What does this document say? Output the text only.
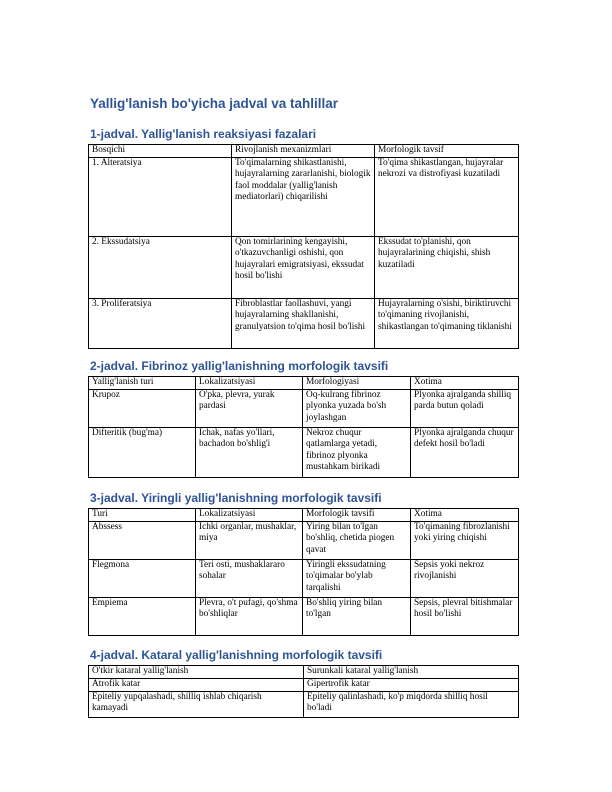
Yallig'lanish bo'yicha jadval va tahlillar

1-jadval. Yallig'lanish reaksiyasi fazalari

Bosqichi	Rivojlanish mexanizmlari	Morfologik tavsif
1. Alteratsiya	To'qimalarning shikastlanishi, hujayralarning zararlanishi, biologik faol moddalar (yallig'lanish mediatorlari) chiqarilishi	To'qima shikastlangan, hujayralar nekrozi va distrofiyasi kuzatiladi
2. Ekssudatsiya	Qon tomirlarining kengayishi, o'tkazuvchanligi oshishi, qon hujayralari emigratsiyasi, ekssudat hosil bo'lishi	Ekssudat to'planishi, qon hujayralarining chiqishi, shish kuzatiladi
3. Proliferatsiya	Fibroblastlar faollashuvi, yangi hujayralarning shakllanishi, granulyatsion to'qima hosil bo'lishi	Hujayralarning o'sishi, biriktiruvchi to'qimaning rivojlanishi, shikastlangan to'qimaning tiklanishi

2-jadval. Fibrinoz yallig'lanishning morfologik tavsifi

Yallig'lanish turi	Lokalizatsiyasi	Morfologiyasi	Xotima
Krupoz	O'pka, plevra, yurak pardasi	Oq-kulrang fibrinoz plyonka yuzada bo'sh joylashgan	Plyonka ajralganda shilliq parda butun qoladi
Difteritik (bug'ma)	Ichak, nafas yo'llari, bachadon bo'shlig'i	Nekroz chuqur qatlamlarga yetadi, fibrinoz plyonka mustahkam birikadi	Plyonka ajralganda chuqur defekt hosil bo'ladi

3-jadval. Yiringli yallig'lanishning morfologik tavsifi

Turi	Lokalizatsiyasi	Morfologik tavsifi	Xotima
Abssess	Ichki organlar, mushaklar, miya	Yiring bilan to'lgan bo'shliq, chetida piogen qavat	To'qimaning fibrozlanishi yoki yiring chiqishi
Flegmona	Teri osti, mushaklararo sohalar	Yiringli ekssudatning to'qimalar bo'ylab tarqalishi	Sepsis yoki nekroz rivojlanishi
Empiema	Plevra, o't pufagi, qo'shma bo'shliqlar	Bo'shliq yiring bilan to'lgan	Sepsis, plevral bitishmalar hosil bo'lishi

4-jadval. Kataral yallig'lanishning morfologik tavsifi

O'tkir kataral yallig'lanish	Surunkali kataral yallig'lanish
Atrofik katar	Gipertrofik katar
Epiteliy yupqalashadi, shilliq ishlab chiqarish kamayadi	Epiteliy qalinlashadi, ko'p miqdorda shilliq hosil bo'ladi
